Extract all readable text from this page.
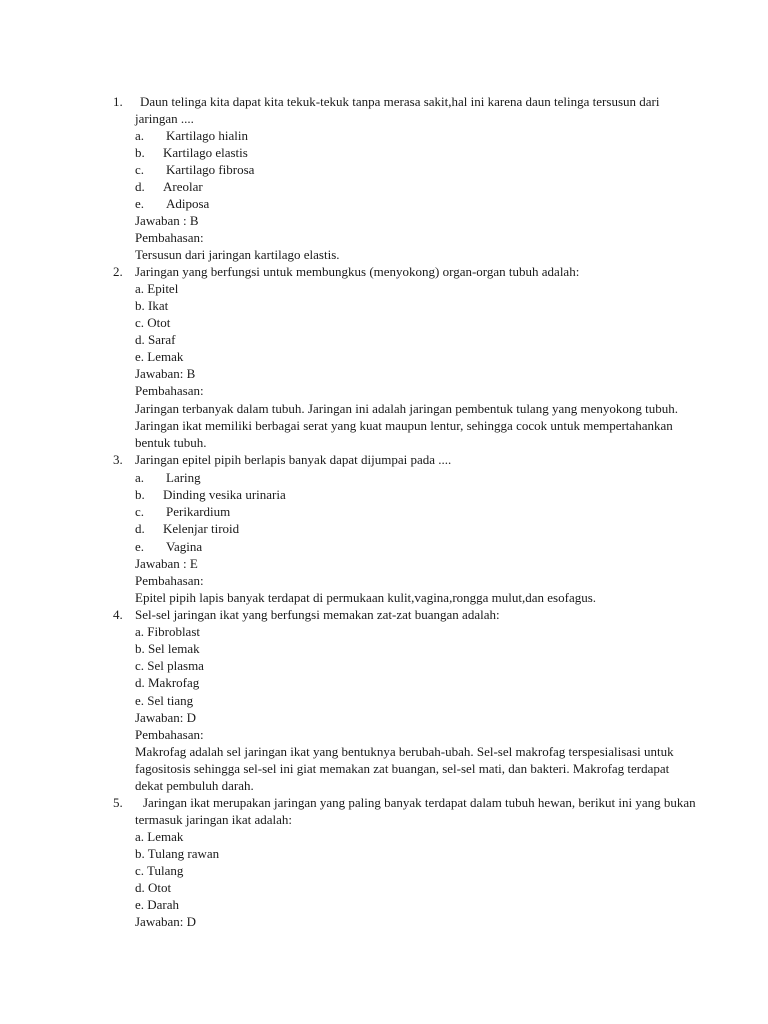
1. Daun telinga kita dapat kita tekuk-tekuk tanpa merasa sakit,hal ini karena daun telinga tersusun dari
jaringan ....
a. Kartilago hialin
b. Kartilago elastis
c. Kartilago fibrosa
d. Areolar
e. Adiposa
Jawaban : B
Pembahasan:
Tersusun dari jaringan kartilago elastis.
2. Jaringan yang berfungsi untuk membungkus (menyokong) organ-organ tubuh adalah:
a. Epitel
b. Ikat
c. Otot
d. Saraf
e. Lemak
Jawaban: B
Pembahasan:
Jaringan terbanyak dalam tubuh. Jaringan ini adalah jaringan pembentuk tulang yang menyokong tubuh.
Jaringan ikat memiliki berbagai serat yang kuat maupun lentur, sehingga cocok untuk mempertahankan
bentuk tubuh.
3. Jaringan epitel pipih berlapis banyak dapat dijumpai pada ....
a. Laring
b. Dinding vesika urinaria
c. Perikardium
d. Kelenjar tiroid
e. Vagina
Jawaban : E
Pembahasan:
Epitel pipih lapis banyak terdapat di permukaan kulit,vagina,rongga mulut,dan esofagus.
4. Sel-sel jaringan ikat yang berfungsi memakan zat-zat buangan adalah:
a. Fibroblast
b. Sel lemak
c. Sel plasma
d. Makrofag
e. Sel tiang
Jawaban: D
Pembahasan:
Makrofag adalah sel jaringan ikat yang bentuknya berubah-ubah. Sel-sel makrofag terspesialisasi untuk
fagositosis sehingga sel-sel ini giat memakan zat buangan, sel-sel mati, dan bakteri. Makrofag terdapat
dekat pembuluh darah.
5. Jaringan ikat merupakan jaringan yang paling banyak terdapat dalam tubuh hewan, berikut ini yang bukan
termasuk jaringan ikat adalah:
a. Lemak
b. Tulang rawan
c. Tulang
d. Otot
e. Darah
Jawaban: D
